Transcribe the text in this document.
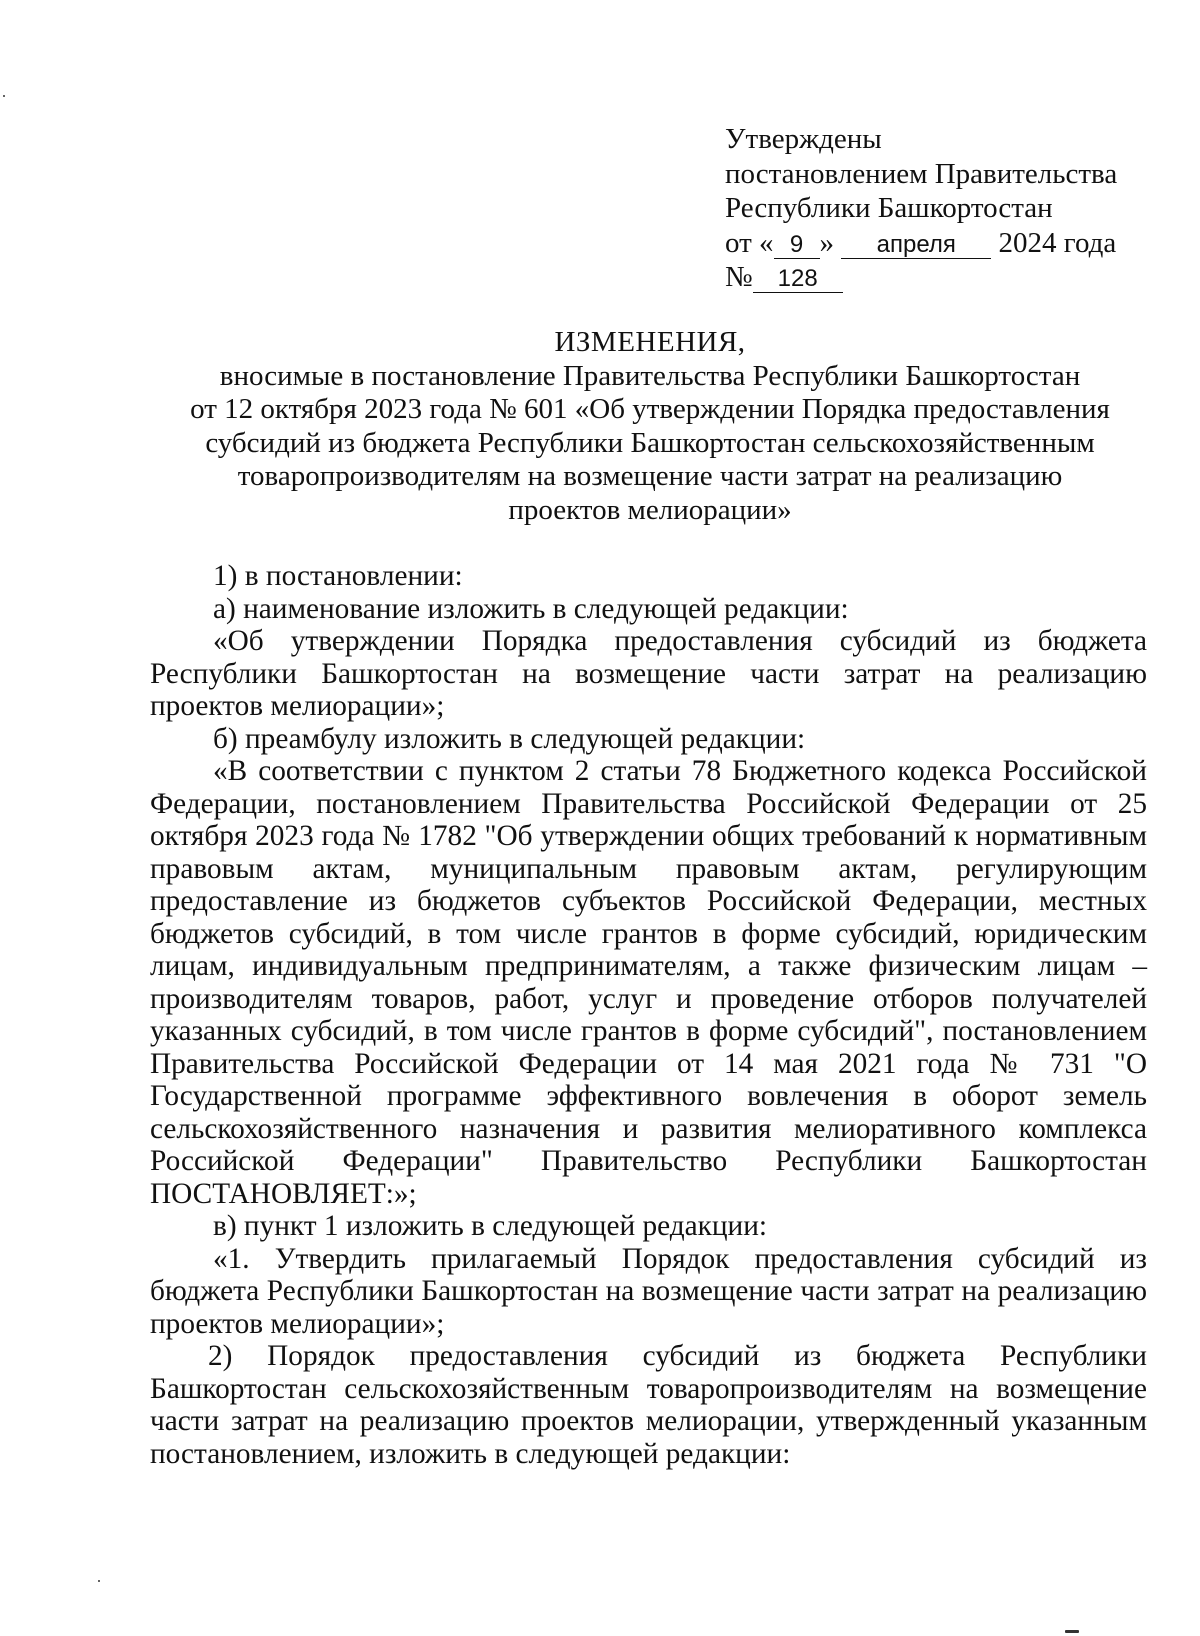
Утверждены
постановлением Правительства
Республики Башкортостан
от « 9 » апреля 2024 года
№ 128
ИЗМЕНЕНИЯ,
вносимые в постановление Правительства Республики Башкортостан
от 12 октября 2023 года № 601 «Об утверждении Порядка предоставления
субсидий из бюджета Республики Башкортостан сельскохозяйственным
товаропроизводителям на возмещение части затрат на реализацию
проектов мелиорации»

1) в постановлении:

а) наименование изложить в следующей редакции:

«Об утверждении Порядка предоставления субсидий из бюджета Республики Башкортостан на возмещение части затрат на реализацию проектов мелиорации»;

б) преамбулу изложить в следующей редакции:

«В соответствии с пунктом 2 статьи 78 Бюджетного кодекса Российской Федерации, постановлением Правительства Российской Федерации от 25 октября 2023 года № 1782 "Об утверждении общих требований к нормативным правовым актам, муниципальным правовым актам, регулирующим предоставление из бюджетов субъектов Российской Федерации, местных бюджетов субсидий, в том числе грантов в форме субсидий, юридическим лицам, индивидуальным предпринимателям, а также физическим лицам – производителям товаров, работ, услуг и проведение отборов получателей указанных субсидий, в том числе грантов в форме субсидий", постановлением Правительства Российской Федерации от 14 мая 2021 года № 731 "О Государственной программе эффективного вовлечения в оборот земель сельскохозяйственного назначения и развития мелиоративного комплекса Российской Федерации" Правительство Республики Башкортостан ПОСТАНОВЛЯЕТ:»;

в) пункт 1 изложить в следующей редакции:

«1. Утвердить прилагаемый Порядок предоставления субсидий из бюджета Республики Башкортостан на возмещение части затрат на реализацию проектов мелиорации»;

2) Порядок предоставления субсидий из бюджета Республики Башкортостан сельскохозяйственным товаропроизводителям на возмещение части затрат на реализацию проектов мелиорации, утвержденный указанным постановлением, изложить в следующей редакции:
